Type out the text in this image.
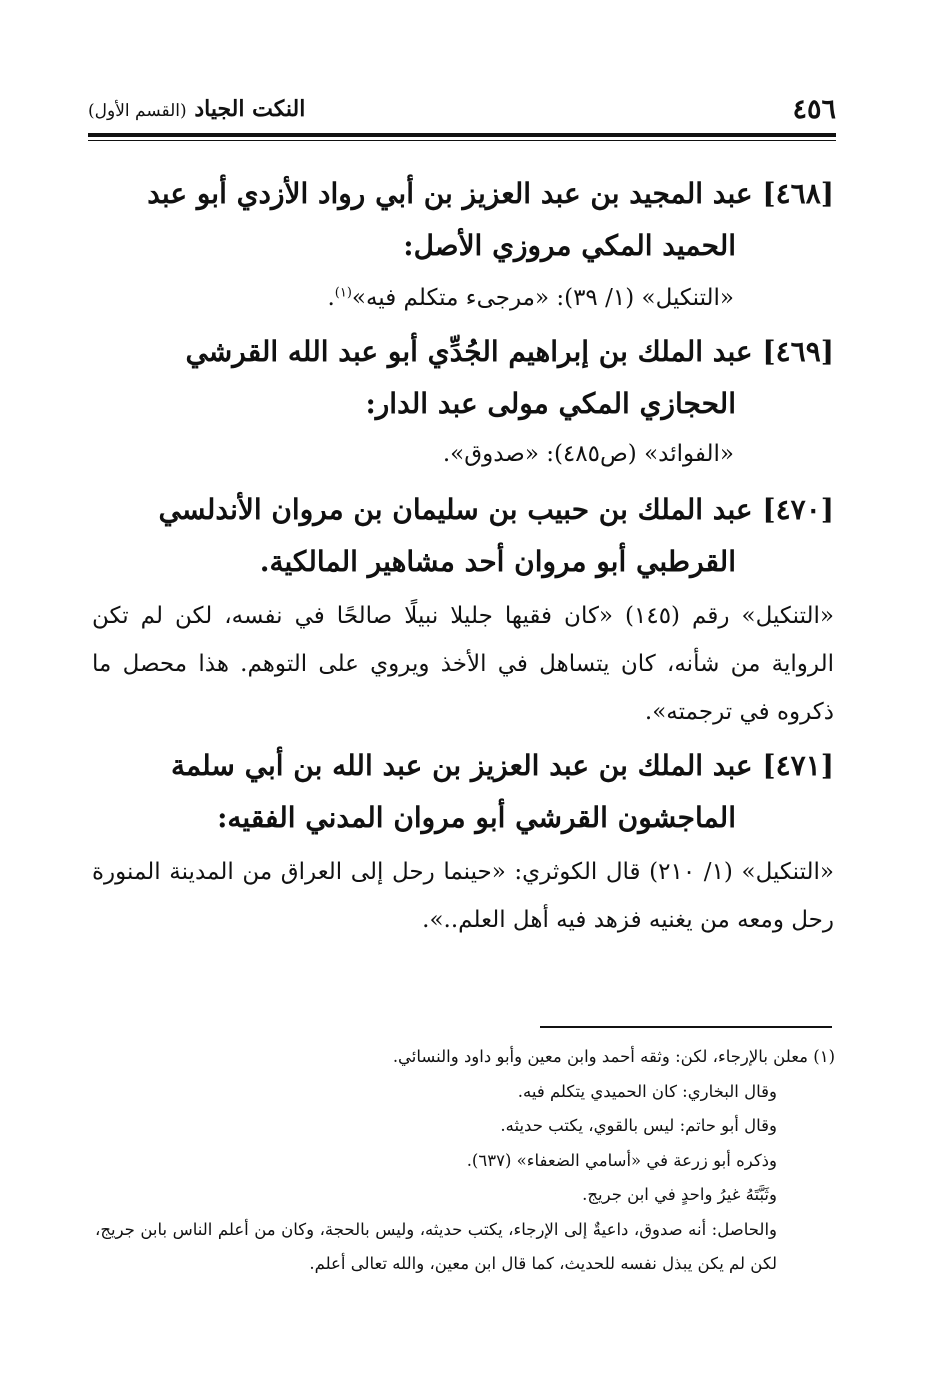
٤٥٦
النكت الجياد (القسم الأول)

[٤٦٨] عبد المجيد بن عبد العزيز بن أبي رواد الأزدي أبو عبد الحميد المكي مروزي الأصل:

«التنكيل» (١/ ٣٩): «مرجىء متكلم فيه»$^{(١)}$.

[٤٦٩] عبد الملك بن إبراهيم الجُدِّي أبو عبد الله القرشي الحجازي المكي مولى عبد الدار:

«الفوائد» (ص٤٨٥): «صدوق».

[٤٧٠] عبد الملك بن حبيب بن سليمان بن مروان الأندلسي القرطبي أبو مروان أحد مشاهير المالكية.

«التنكيل» رقم (١٤٥) «كان فقيها جليلا نبيلًا صالحًا في نفسه، لكن لم تكن الرواية من شأنه، كان يتساهل في الأخذ ويروي على التوهم. هذا محصل ما ذكروه في ترجمته».

[٤٧١] عبد الملك بن عبد العزيز بن عبد الله بن أبي سلمة الماجشون القرشي أبو مروان المدني الفقيه:

«التنكيل» (١/ ٢١٠) قال الكوثري: «حينما رحل إلى العراق من المدينة المنورة رحل ومعه من يغنيه فزهد فيه أهل العلم..».

(١) معلن بالإرجاء، لكن: وثقه أحمد وابن معين وأبو داود والنسائي.

وقال البخاري: كان الحميدي يتكلم فيه.

وقال أبو حاتم: ليس بالقوي، يكتب حديثه.

وذكره أبو زرعة في «أسامي الضعفاء» (٦٣٧).

وثَبَّتَهُ غيرُ واحدٍ في ابن جريج.

والحاصل: أنه صدوق، داعيةٌ إلى الإرجاء، يكتب حديثه، وليس بالحجة، وكان من أعلم الناس بابن جريج، لكن لم يكن يبذل نفسه للحديث، كما قال ابن معين، والله تعالى أعلم.
